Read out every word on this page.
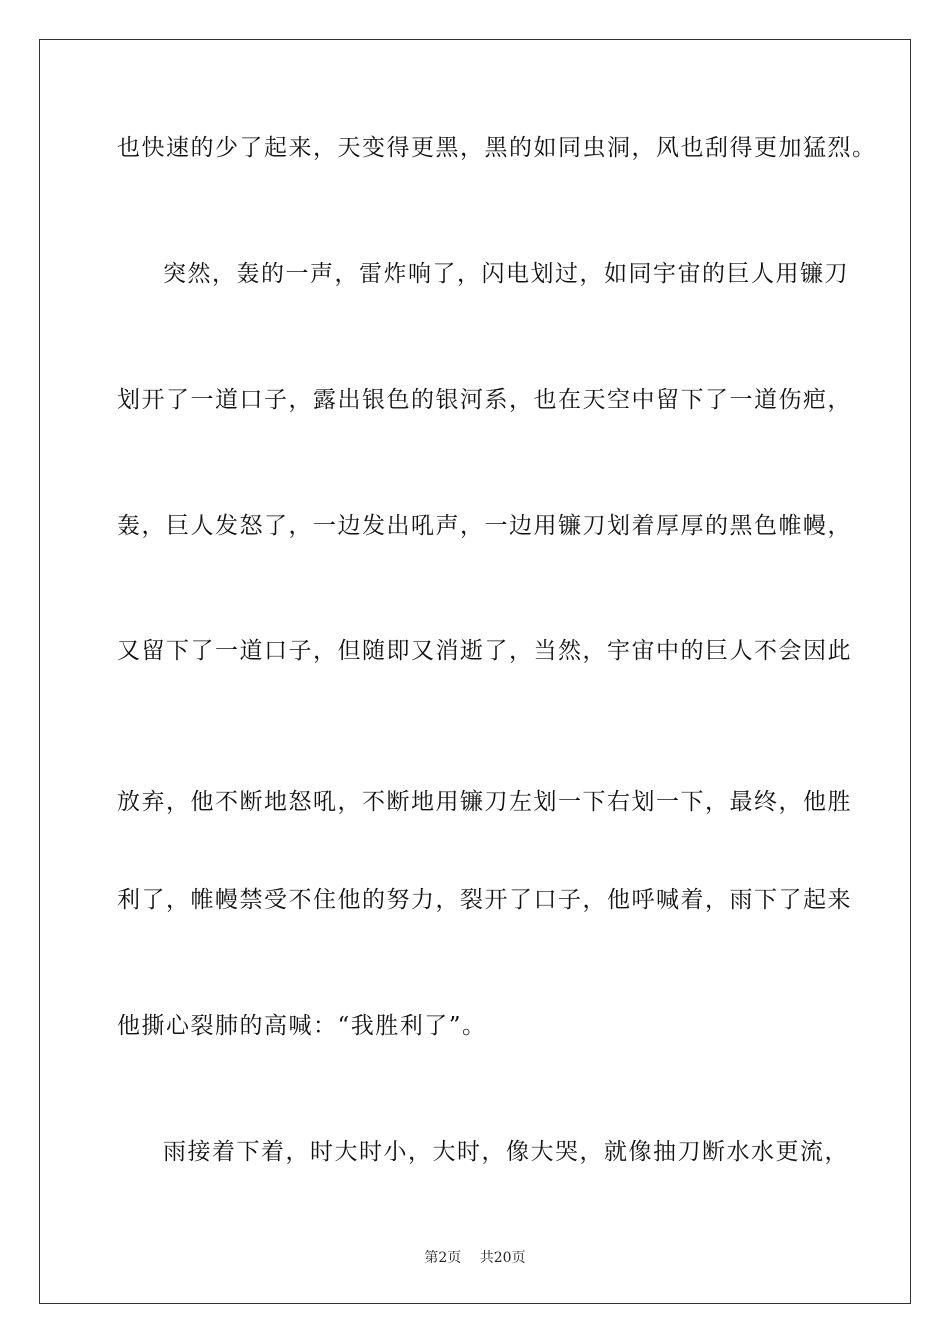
也快速的少了起来，天变得更黑，黑的如同虫洞，风也刮得更加猛烈。
突然，轰的一声，雷炸响了，闪电划过，如同宇宙的巨人用镰刀
划开了一道口子，露出银色的银河系，也在天空中留下了一道伤疤，
轰，巨人发怒了，一边发出吼声，一边用镰刀划着厚厚的黑色帷幔，
又留下了一道口子，但随即又消逝了，当然，宇宙中的巨人不会因此
放弃，他不断地怒吼，不断地用镰刀左划一下右划一下，最终，他胜
利了，帷幔禁受不住他的努力，裂开了口子，他呼喊着，雨下了起来
他撕心裂肺的高喊：“我胜利了”。
雨接着下着，时大时小，大时，像大哭，就像抽刀断水水更流，
第2页 共20页
